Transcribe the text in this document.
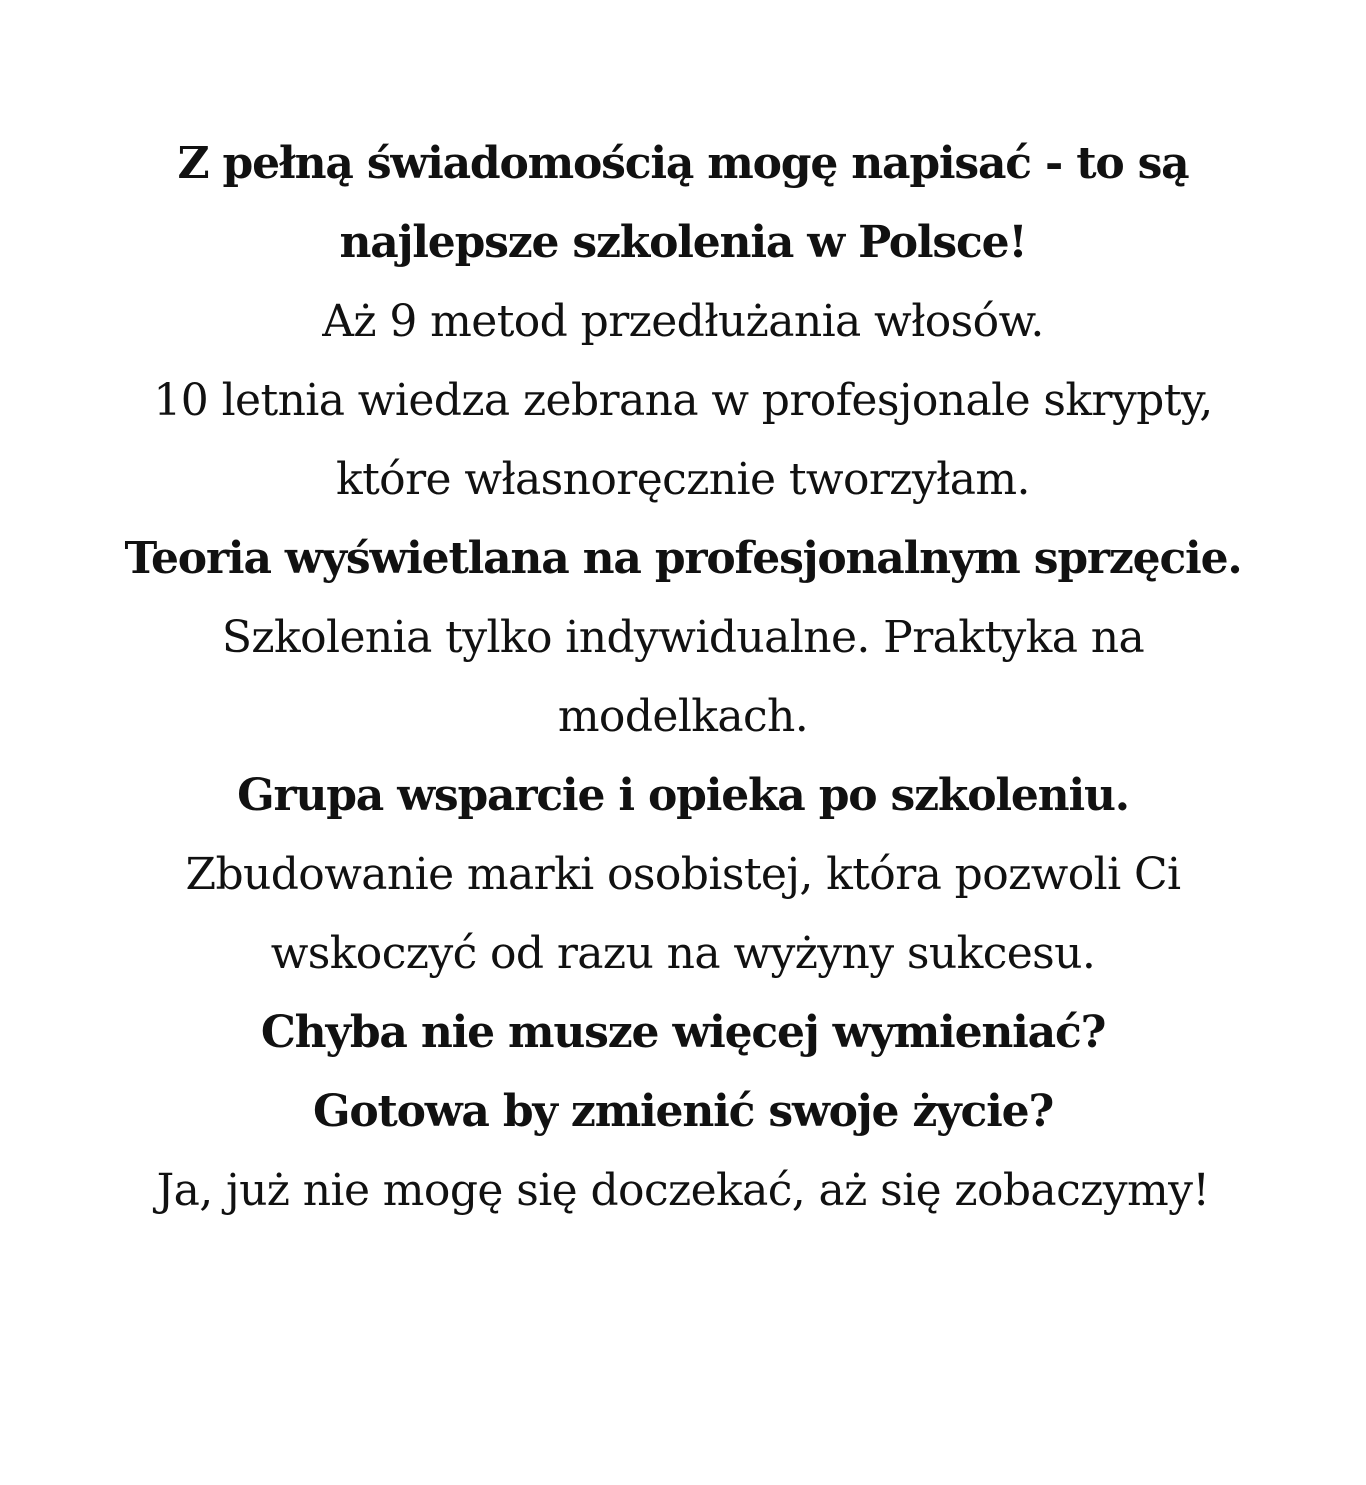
Z pełną świadomością mogę napisać - to są
najlepsze szkolenia w Polsce!
Aż 9 metod przedłużania włosów.
10 letnia wiedza zebrana w profesjonale skrypty,
które własnoręcznie tworzyłam.
Teoria wyświetlana na profesjonalnym sprzęcie.
Szkolenia tylko indywidualne. Praktyka na
modelkach.
Grupa wsparcie i opieka po szkoleniu.
Zbudowanie marki osobistej, która pozwoli Ci
wskoczyć od razu na wyżyny sukcesu.
Chyba nie musze więcej wymieniać?
Gotowa by zmienić swoje życie?
Ja, już nie mogę się doczekać, aż się zobaczymy!
